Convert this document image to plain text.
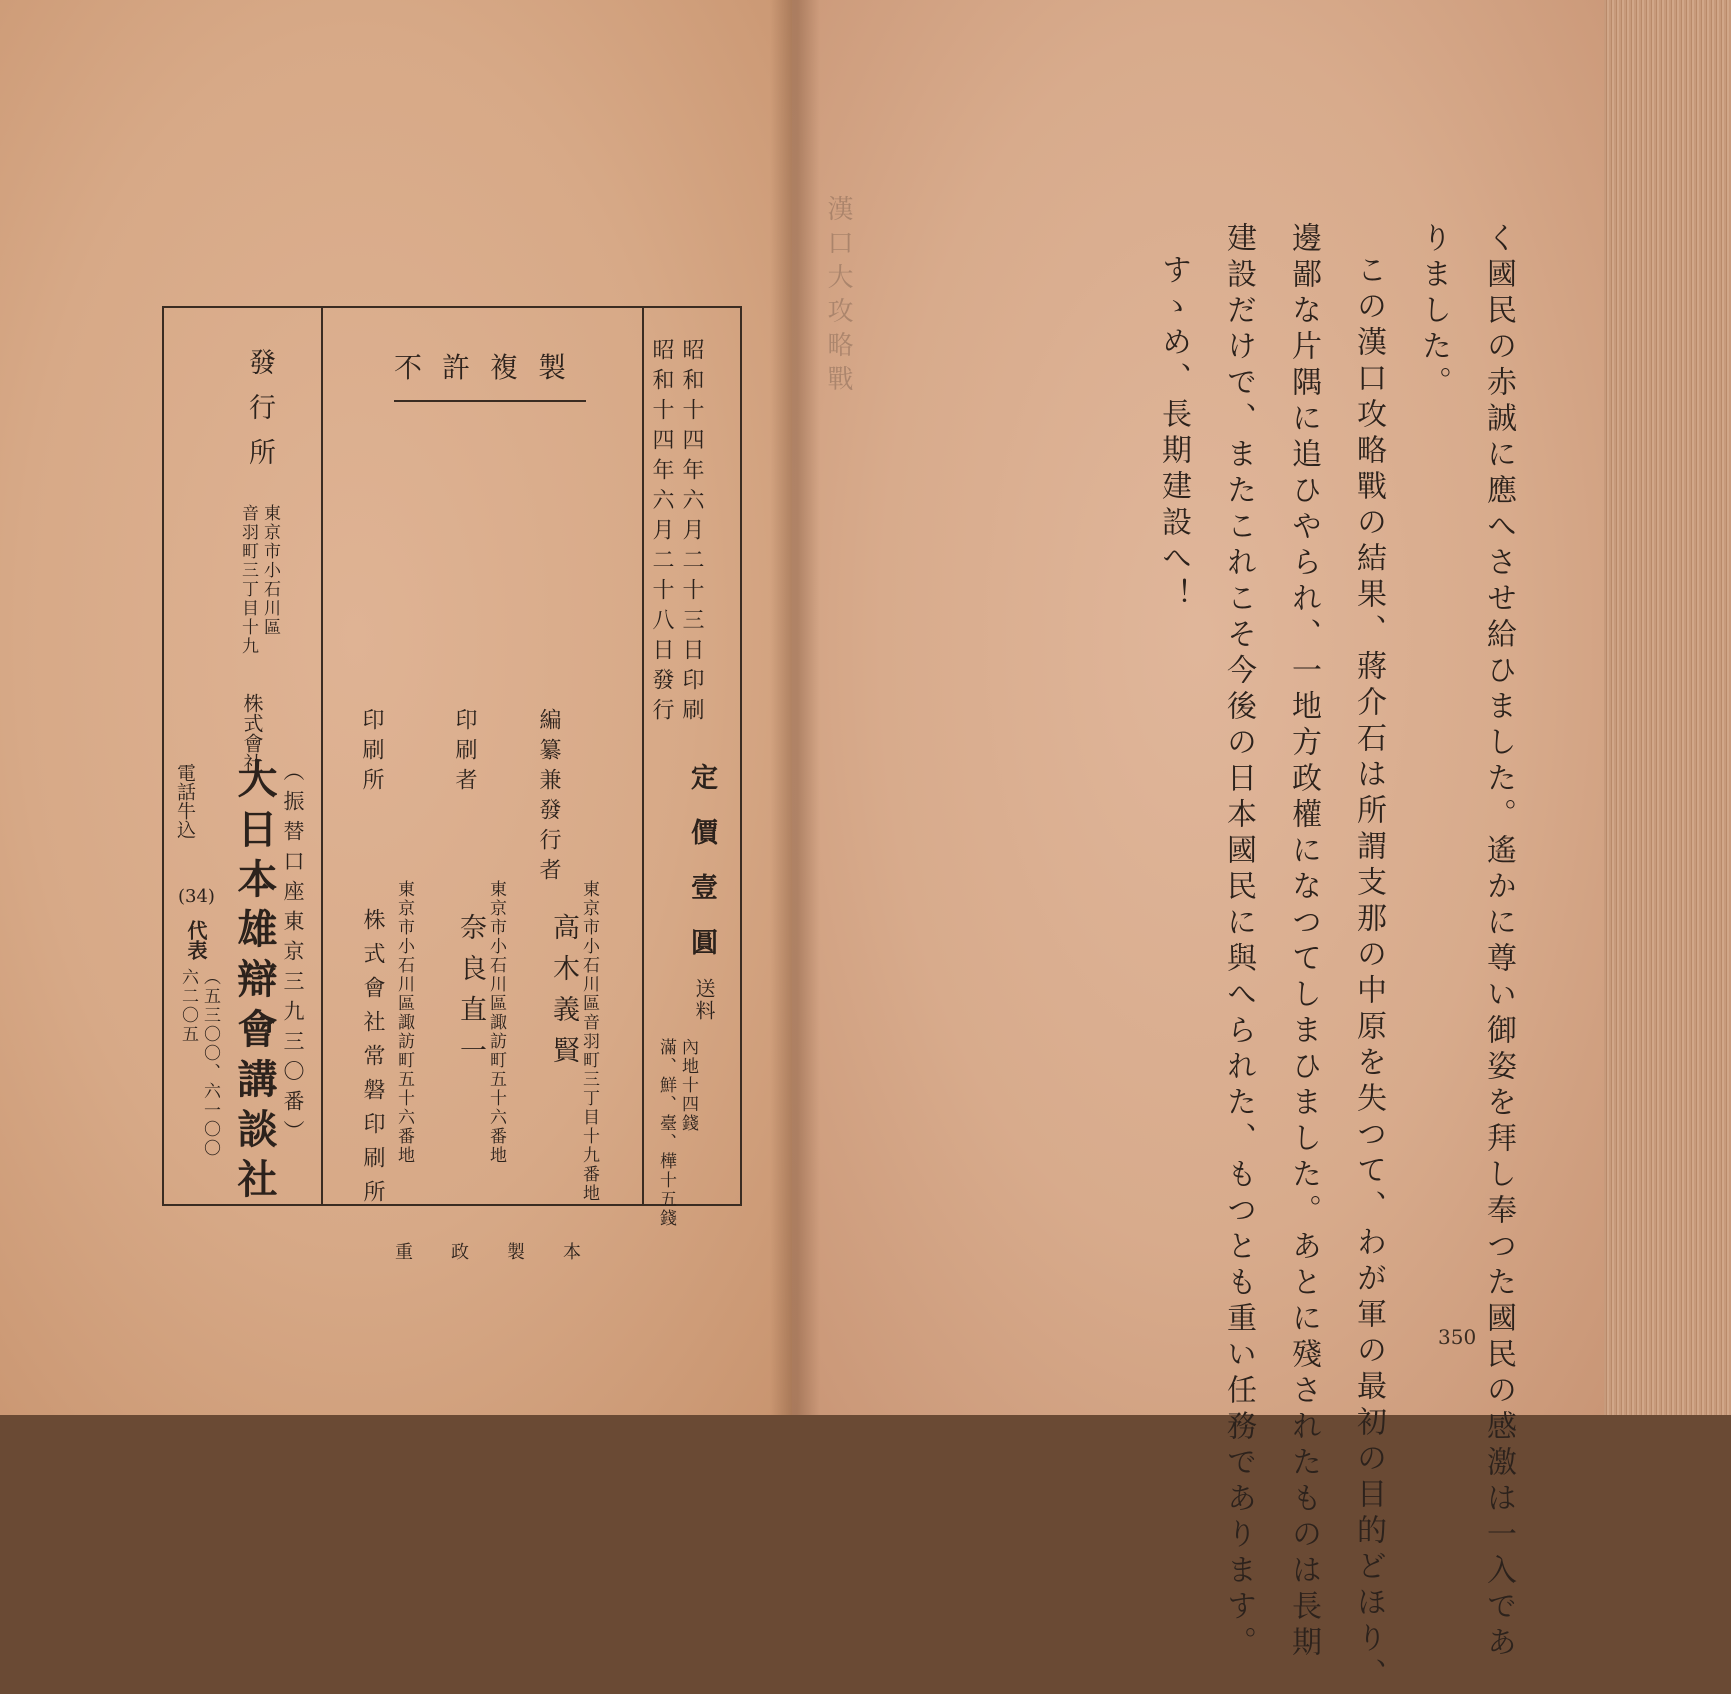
く國民の赤誠に應へさせ給ひました。遙かに尊い御姿を拜し奉つた國民の感激は一入であ
りました。
この漢口攻略戰の結果、蔣介石は所謂支那の中原を失つて、わが軍の最初の目的どほり、
邊鄙な片隅に追ひやられ、一地方政權になつてしまひました。あとに殘されたものは長期
建設だけで、またこれこそ今後の日本國民に與へられた、もつとも重い任務であります。
すゝめ、長期建設へ！
漢口大攻略戰
350
昭和十四年六月二十三日印刷
昭和十四年六月二十八日發行
定價壹圓
送料
內地十四錢
滿、鮮、臺、樺十五錢
不許複製
編纂兼發行者
東京市小石川區音羽町三丁目十九番地
高木義賢
印刷者
東京市小石川區諏訪町五十六番地
奈良直一
印刷所
東京市小石川區諏訪町五十六番地
株式會社常磐印刷所
發行所
東京市小石川區
音羽町三丁目十九
株式會社
大日本雄辯會講談社 （振替口座東京三九三〇番）
電話牛込
(34)
代表
（五三〇〇、六一〇〇
六二〇五
重政製本
